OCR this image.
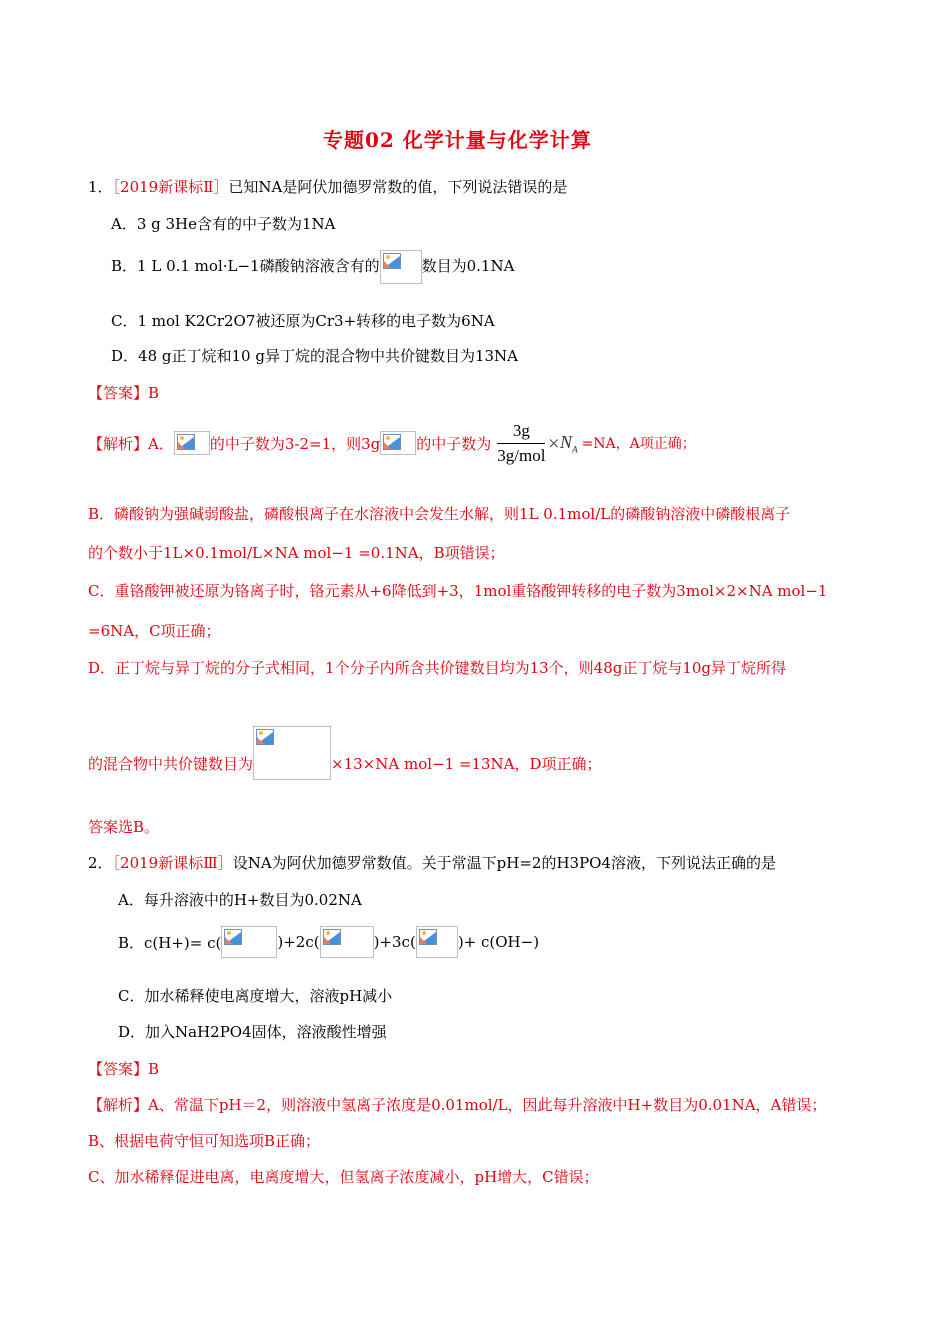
专题02 化学计量与化学计算
1．［2019新课标Ⅱ］已知NA是阿伏加德罗常数的值，下列说法错误的是
A．3 g 3He含有的中子数为1NA
B．1 L 0.1 mol·L−1磷酸钠溶液含有的	数目为0.1NA
C．1 mol K2Cr2O7被还原为Cr3+转移的电子数为6NA
D．48 g正丁烷和10 g异丁烷的混合物中共价键数目为13NA
【答案】B
【解析】 A． 的中子数为3-2=1，则3g 的中子数为 $\frac{3g}{\text{3g/mol}} \times N_A =NA$，A项正确；
B．磷酸钠为强碱弱酸盐，磷酸根离子在水溶液中会发生水解，则1L 0.1mol/L的磷酸钠溶液中磷酸根离子
的个数小于1L×0.1mol/L×NA mol−1 =0.1NA，B项错误；
C．重铬酸钾被还原为铬离子时，铬元素从+6降低到+3，1mol重铬酸钾转移的电子数为3mol×2×NA mol−1
=6NA，C项正确；
D．正丁烷与异丁烷的分子式相同，1个分子内所含共价键数目均为13个，则48g正丁烷与10g异丁烷所得
的混合物中共价键数目为	×13×NA mol−1 =13NA，D项正确；
答案选B。
2．［2019新课标Ⅲ］设NA为阿伏加德罗常数值。关于常温下pH=2的H3PO4溶液，下列说法正确的是
A．每升溶液中的H+数目为0.02NA
B．c(H+)= c(	)+2c(	)+3c(	)+ c(OH−)
C．加水稀释使电离度增大，溶液pH减小
D．加入NaH2PO4固体，溶液酸性增强
【答案】B
【解析】A、常温下pH＝2，则溶液中氢离子浓度是0.01mol/L，因此每升溶液中H+数目为0.01NA，A错误；
B、根据电荷守恒可知选项B正确；
C、加水稀释促进电离，电离度增大，但氢离子浓度减小，pH增大，C错误；
